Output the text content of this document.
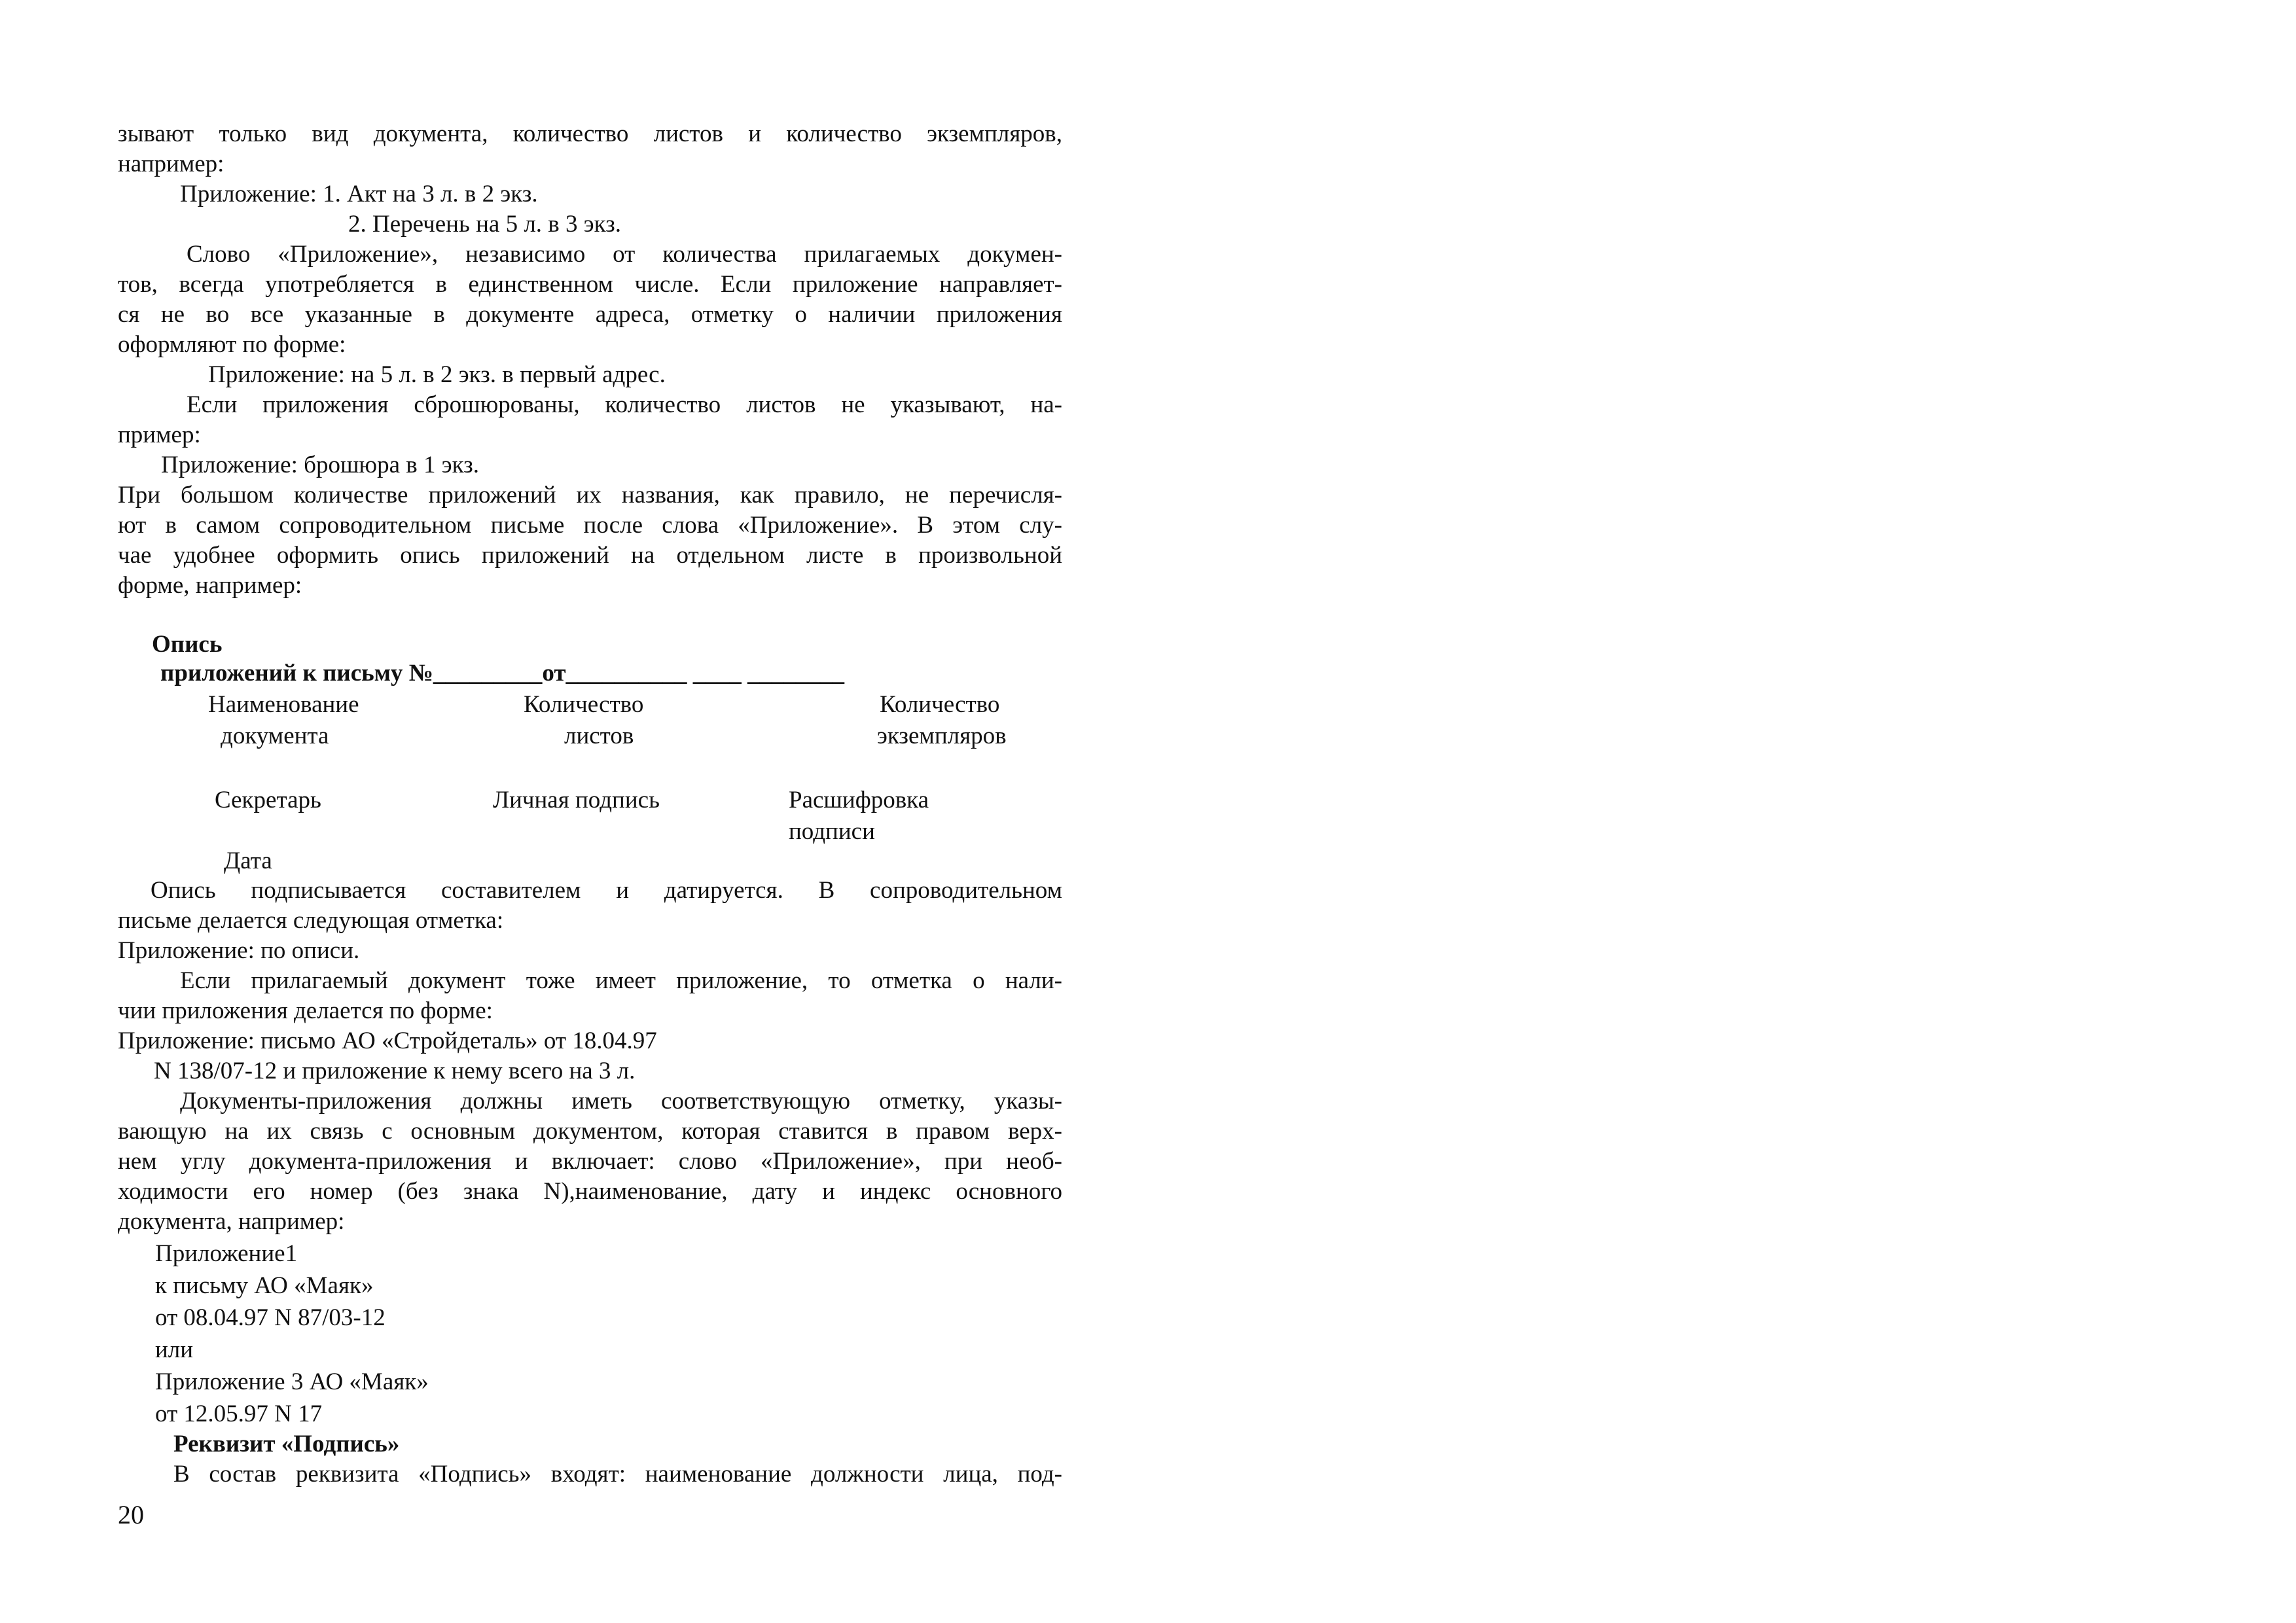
зывают только вид документа, количество листов и количество экземпляров,
например:
Приложение: 1. Акт на 3 л. в 2 экз.
2. Перечень на 5 л. в 3 экз.
Слово «Приложение», независимо от количества прилагаемых докумен-
тов, всегда употребляется в единственном числе. Если приложение направляет-
ся не во все указанные в документе адреса, отметку о наличии приложения
оформляют по форме:
Приложение: на 5 л. в 2 экз. в первый адрес.
Если приложения сброшюрованы, количество листов не указывают, на-
пример:
Приложение: брошюра в 1 экз.
При большом количестве приложений их названия, как правило, не перечисля-
ют в самом сопроводительном письме после слова «Приложение». В этом слу-
чае удобнее оформить опись приложений на отдельном листе в произвольной
форме, например:
Опись
приложений к письму №_________от__________ ____ ________
Наименование
документа
Количество
листов
Количество
экземпляров
Секретарь	Личная подпись	Расшифровка
подписи
Дата
Опись подписывается составителем и датируется. В сопроводительном
письме делается следующая отметка:
Приложение: по описи.
Если прилагаемый документ тоже имеет приложение, то отметка о нали-
чии приложения делается по форме:
Приложение: письмо АО «Стройдеталь» от 18.04.97
N 138/07-12 и приложение к нему всего на 3 л.
Документы-приложения должны иметь соответствующую отметку, указы-
вающую на их связь с основным документом, которая ставится в правом верх-
нем углу документа-приложения и включает: слово «Приложение», при необ-
ходимости его номер (без знака N),наименование, дату и индекс основного
документа, например:
Приложение1
к письму АО «Маяк»
от 08.04.97 N 87/03-12
или
Приложение 3 АО «Маяк»
от 12.05.97 N 17
Реквизит «Подпись»
В состав реквизита «Подпись» входят: наименование должности лица, под-
20
